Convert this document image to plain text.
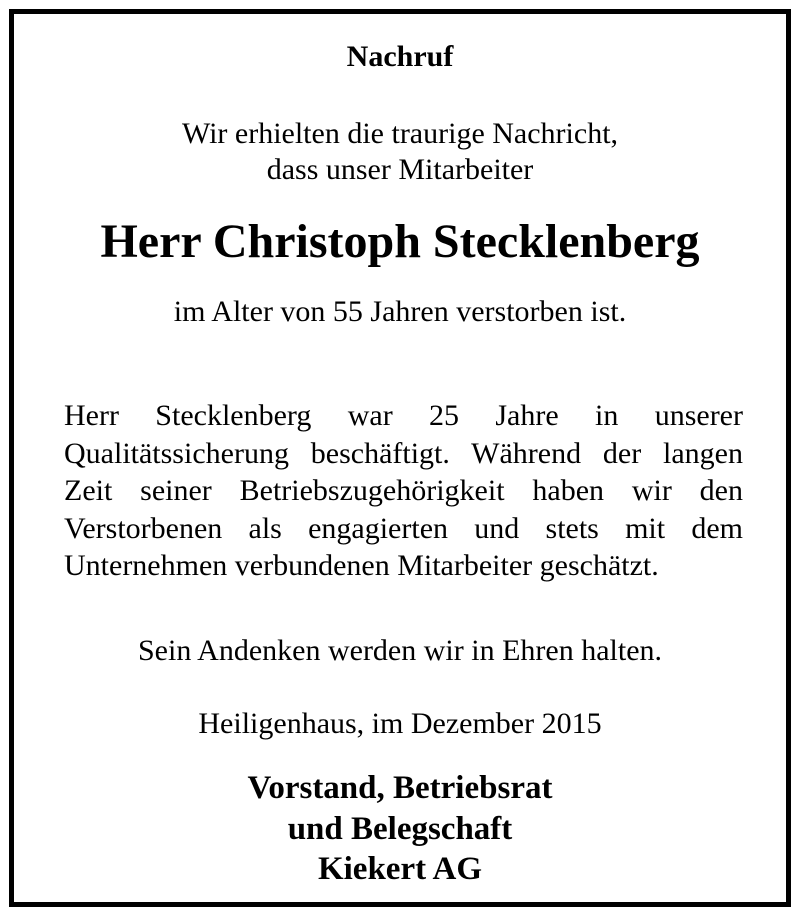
Nachruf
Wir erhielten die traurige Nachricht,
dass unser Mitarbeiter
Herr Christoph Stecklenberg
im Alter von 55 Jahren verstorben ist.
Herr Stecklenberg war 25 Jahre in unserer
Qualitätssicherung beschäftigt. Während der langen
Zeit seiner Betriebszugehörigkeit haben wir den
Verstorbenen als engagierten und stets mit dem
Unternehmen verbundenen Mitarbeiter geschätzt.
Sein Andenken werden wir in Ehren halten.
Heiligenhaus, im Dezember 2015
Vorstand, Betriebsrat
und Belegschaft
Kiekert AG
